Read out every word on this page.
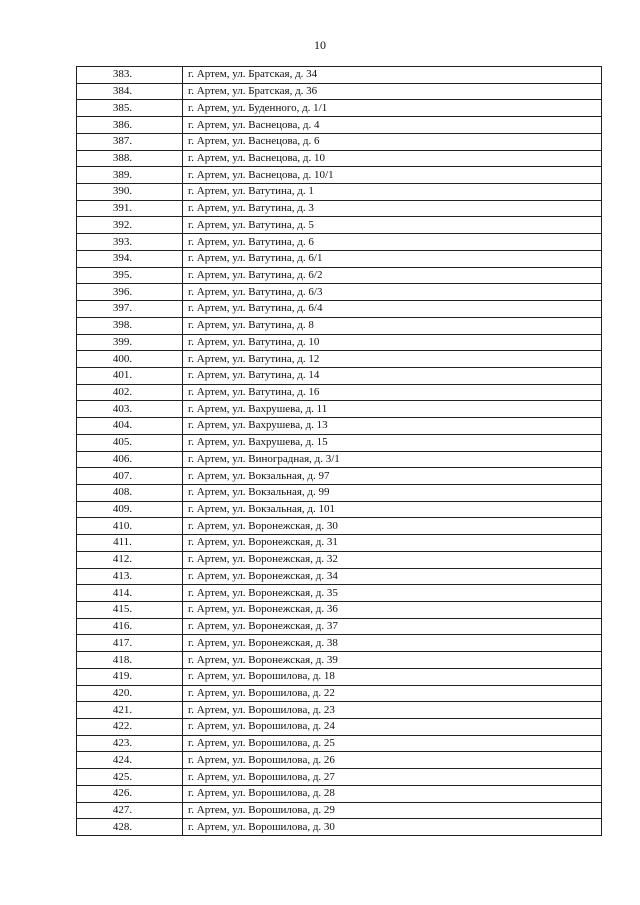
10
383.	г. Артем, ул. Братская, д. 34
384.	г. Артем, ул. Братская, д. 36
385.	г. Артем, ул. Буденного, д. 1/1
386.	г. Артем, ул. Васнецова, д. 4
387.	г. Артем, ул. Васнецова, д. 6
388.	г. Артем, ул. Васнецова, д. 10
389.	г. Артем, ул. Васнецова, д. 10/1
390.	г. Артем, ул. Ватутина, д. 1
391.	г. Артем, ул. Ватутина, д. 3
392.	г. Артем, ул. Ватутина, д. 5
393.	г. Артем, ул. Ватутина, д. 6
394.	г. Артем, ул. Ватутина, д. 6/1
395.	г. Артем, ул. Ватутина, д. 6/2
396.	г. Артем, ул. Ватутина, д. 6/3
397.	г. Артем, ул. Ватутина, д. 6/4
398.	г. Артем, ул. Ватутина, д. 8
399.	г. Артем, ул. Ватутина, д. 10
400.	г. Артем, ул. Ватутина, д. 12
401.	г. Артем, ул. Ватутина, д. 14
402.	г. Артем, ул. Ватутина, д. 16
403.	г. Артем, ул. Вахрушева, д. 11
404.	г. Артем, ул. Вахрушева, д. 13
405.	г. Артем, ул. Вахрушева, д. 15
406.	г. Артем, ул. Виноградная, д. 3/1
407.	г. Артем, ул. Вокзальная, д. 97
408.	г. Артем, ул. Вокзальная, д. 99
409.	г. Артем, ул. Вокзальная, д. 101
410.	г. Артем, ул. Воронежская, д. 30
411.	г. Артем, ул. Воронежская, д. 31
412.	г. Артем, ул. Воронежская, д. 32
413.	г. Артем, ул. Воронежская, д. 34
414.	г. Артем, ул. Воронежская, д. 35
415.	г. Артем, ул. Воронежская, д. 36
416.	г. Артем, ул. Воронежская, д. 37
417.	г. Артем, ул. Воронежская, д. 38
418.	г. Артем, ул. Воронежская, д. 39
419.	г. Артем, ул. Ворошилова, д. 18
420.	г. Артем, ул. Ворошилова, д. 22
421.	г. Артем, ул. Ворошилова, д. 23
422.	г. Артем, ул. Ворошилова, д. 24
423.	г. Артем, ул. Ворошилова, д. 25
424.	г. Артем, ул. Ворошилова, д. 26
425.	г. Артем, ул. Ворошилова, д. 27
426.	г. Артем, ул. Ворошилова, д. 28
427.	г. Артем, ул. Ворошилова, д. 29
428.	г. Артем, ул. Ворошилова, д. 30
